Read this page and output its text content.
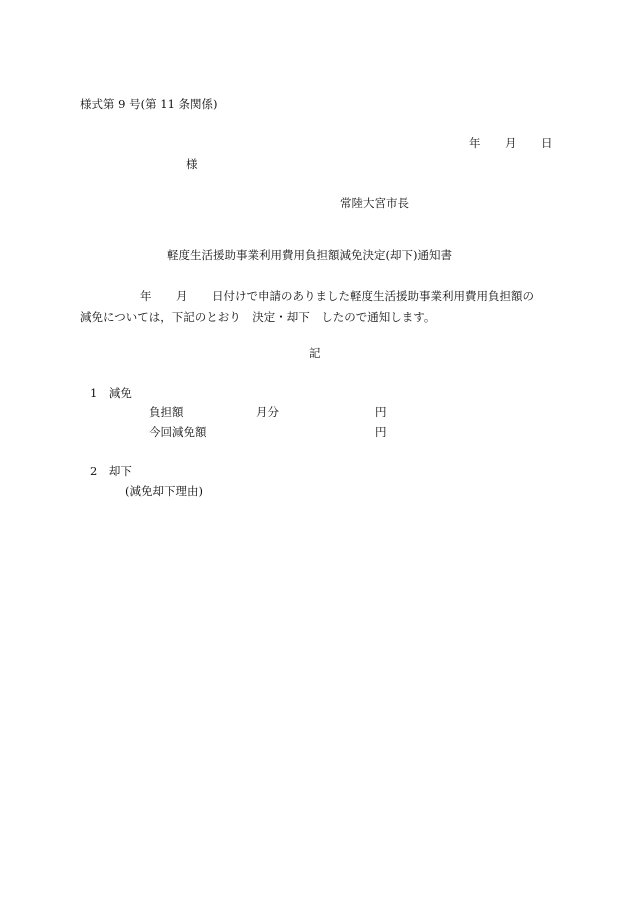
様式第 9 号(第 11 条関係)
年 月 日
様
常陸大宮市長
軽度生活援助事業利用費用負担額減免決定(却下)通知書
年 月 日付けで申請のありました軽度生活援助事業利用費用負担額の
減免については，下記のとおり　決定・却下　したので通知します。
記
1　減免
負担額	月分	円
今回減免額	円
2　却下
(減免却下理由)
